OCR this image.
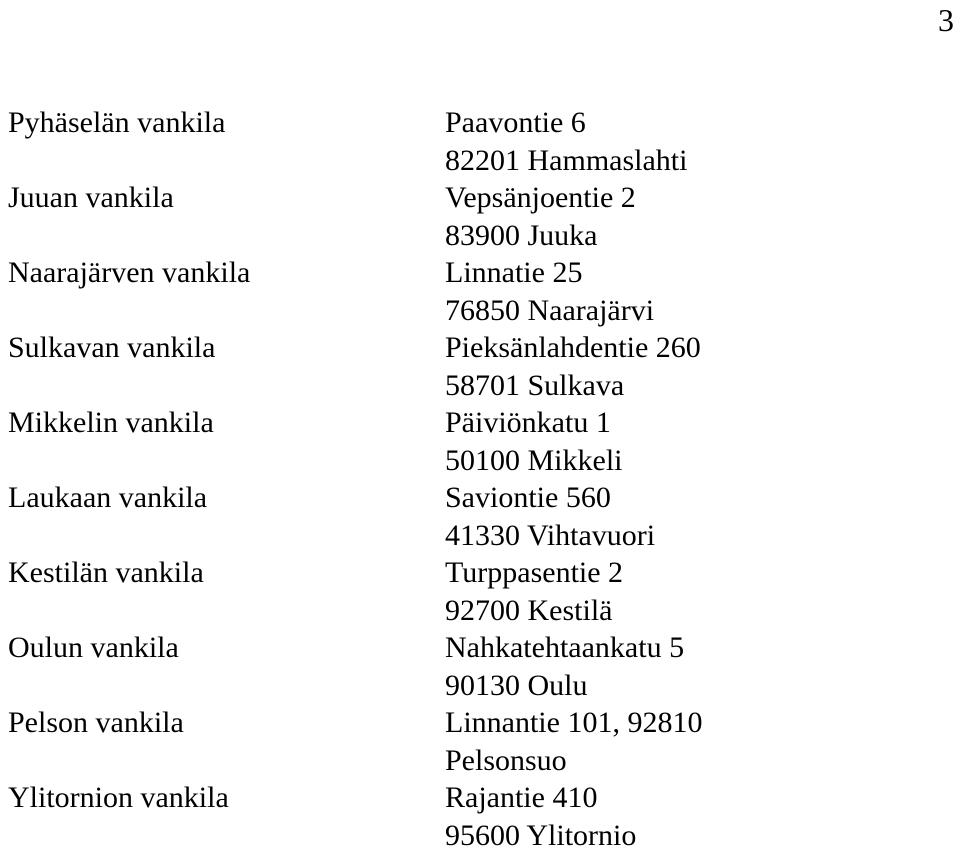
3
Pyhäselän vankila	Paavontie 6
82201 Hammaslahti
Juuan vankila	Vepsänjoentie 2
83900 Juuka
Naarajärven vankila	Linnatie 25
76850 Naarajärvi
Sulkavan vankila	Pieksänlahdentie 260
58701 Sulkava
Mikkelin vankila	Päiviönkatu 1
50100 Mikkeli
Laukaan vankila	Saviontie 560
41330 Vihtavuori
Kestilän vankila	Turppasentie 2
92700 Kestilä
Oulun vankila	Nahkatehtaankatu 5
90130 Oulu
Pelson vankila	Linnantie 101, 92810
Pelsonsuo
Ylitornion vankila	Rajantie 410
95600 Ylitornio
